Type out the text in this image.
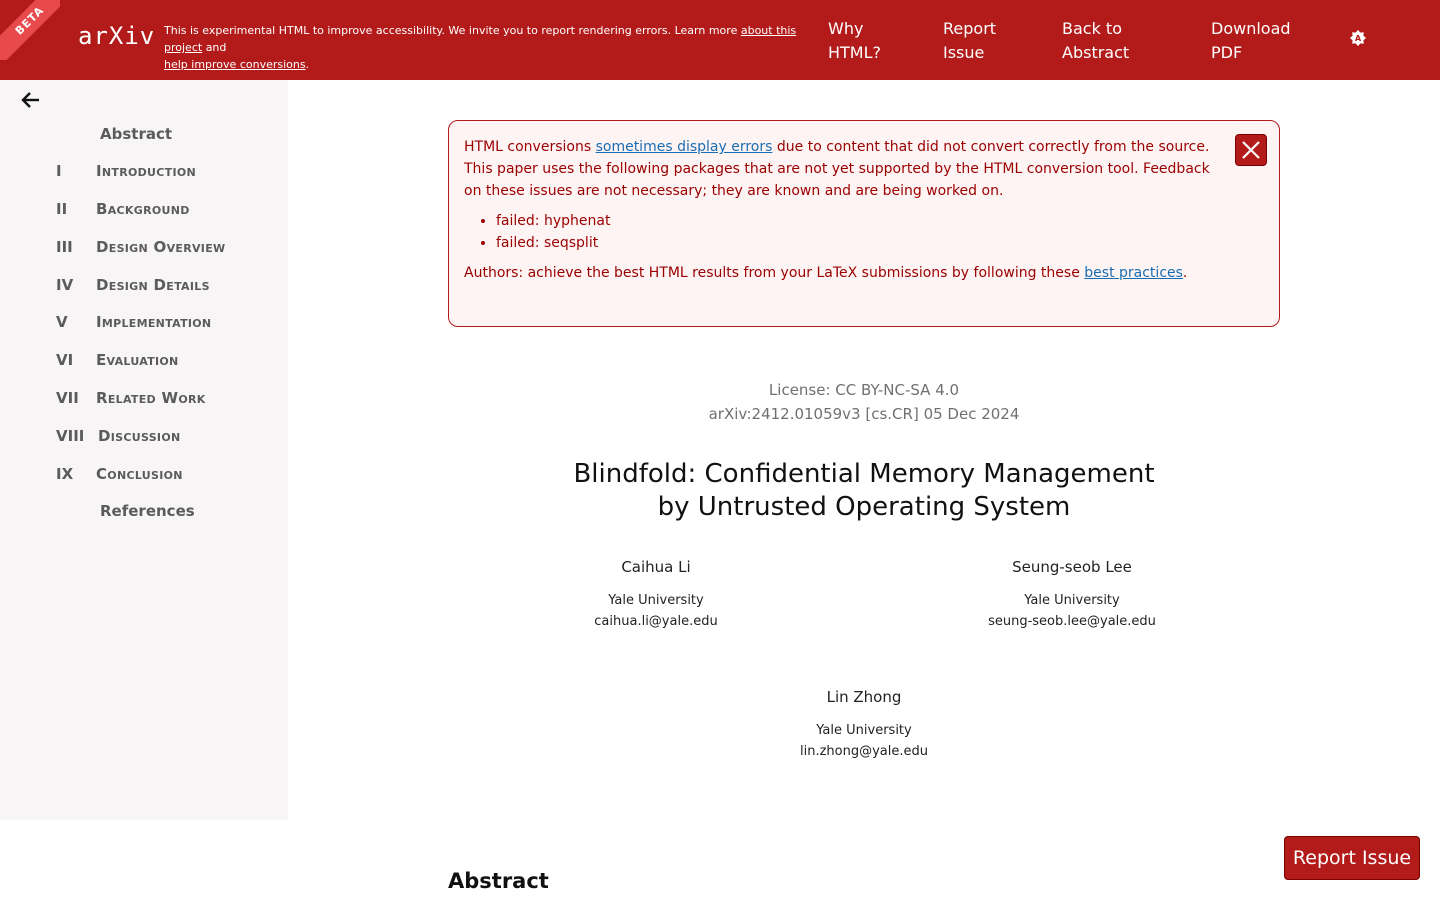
BETA	arXiv This is experimental HTML to improve accessibility. We invite you to report rendering errors. Learn more about this project and
help improve conversions.
Why
HTML?
Report
Issue
Back to
Abstract
Download
PDF
A
Abstract
I Introduction
II Background
III Design Overview
IV Design Details
V Implementation
VI Evaluation
VII Related Work
VIII Discussion
IX Conclusion
References

HTML conversions sometimes display errors due to content that did not convert correctly from the source. This paper uses the following packages that are not yet supported by the HTML conversion tool. Feedback on these issues are not necessary; they are known and are being worked on.

• failed: hyphenat
• failed: seqsplit

Authors: achieve the best HTML results from your LaTeX submissions by following these best practices.

License: CC BY-NC-SA 4.0
arXiv:2412.01059v3 [cs.CR] 05 Dec 2024
Blindfold: Confidential Memory Management
by Untrusted Operating System
Caihua Li
Yale University
caihua.li@yale.edu
Seung-seob Lee
Yale University
seung-seob.lee@yale.edu
Lin Zhong
Yale University
lin.zhong@yale.edu
Abstract
Report Issue
